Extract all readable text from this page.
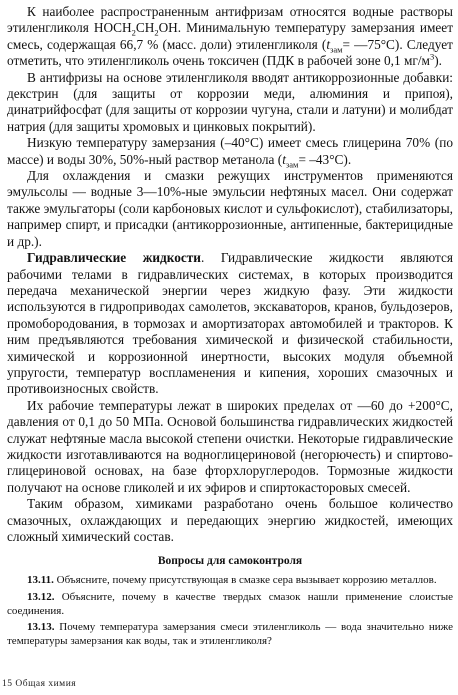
К наиболее распространенным антифризам относятся водные растворы этиленгликоля $HOCH_2CH_2OH$. Минимальную температуру замерзания имеет смесь, содержащая 66,7 % (масс. доли) этиленгликоля ($t_{зам}=$ —75°C). Следует отметить, что этиленгликоль очень токсичен (ПДК в рабочей зоне 0,1 $мг/м^3$).

В антифризы на основе этиленгликоля вводят антикоррозионные добавки: декстрин (для защиты от коррозии меди, алюминия и припоя), динатрийфосфат (для защиты от коррозии чугуна, стали и латуни) и молибдат натрия (для защиты хромовых и цинковых покрытий).

Низкую температуру замерзания (–40°C) имеет смесь глицерина 70% (по массе) и воды 30%, 50%-ный раствор метанола $(t_{зам}= -43^\circ C)$.

Для охлаждения и смазки режущих инструментов применяются эмульсолы — водные 3—10%-ные эмульсии нефтяных масел. Они содержат также эмульгаторы (соли карбоновых кислот и сульфокислот), стабилизаторы, например спирт, и присадки (антикоррозионные, антипенные, бактерицидные и др.).

Гидравлические жидкости. Гидравлические жидкости являются рабочими телами в гидравлических системах, в которых производится передача механической энергии через жидкую фазу. Эти жидкости используются в гидроприводах самолетов, экскаваторов, кранов, бульдозеров, промобородования, в тормозах и амортизаторах автомобилей и тракторов. К ним предъявляются требования химической и физической стабильности, химической и коррозионной инертности, высоких модуля объемной упругости, температур воспламенения и кипения, хороших смазочных и противоизносных свойств.

Их рабочие температуры лежат в широких пределах от —60 до +200°C, давления от 0,1 до 50 МПа. Основой большинства гидравлических жидкостей служат нефтяные масла высокой степени очистки. Некоторые гидравлические жидкости изготавливаются на водноглицериновой (негорючесть) и спиртово-глицериновой основах, на базе фторхлоруглеродов. Тормозные жидкости получают на основе гликолей и их эфиров и спиртокасторовых смесей.

Таким образом, химиками разработано очень большое количество смазочных, охлаждающих и передающих энергию жидкостей, имеющих сложный химический состав.

Вопросы для самоконтроля

13.11. Объясните, почему присутствующая в смазке сера вызывает коррозию металлов.

13.12. Объясните, почему в качестве твердых смазок нашли применение слоистые соединения.

13.13. Почему температура замерзания смеси этиленгликоль — вода значительно ниже температуры замерзания как воды, так и этиленгликоля?

15 Общая химия
